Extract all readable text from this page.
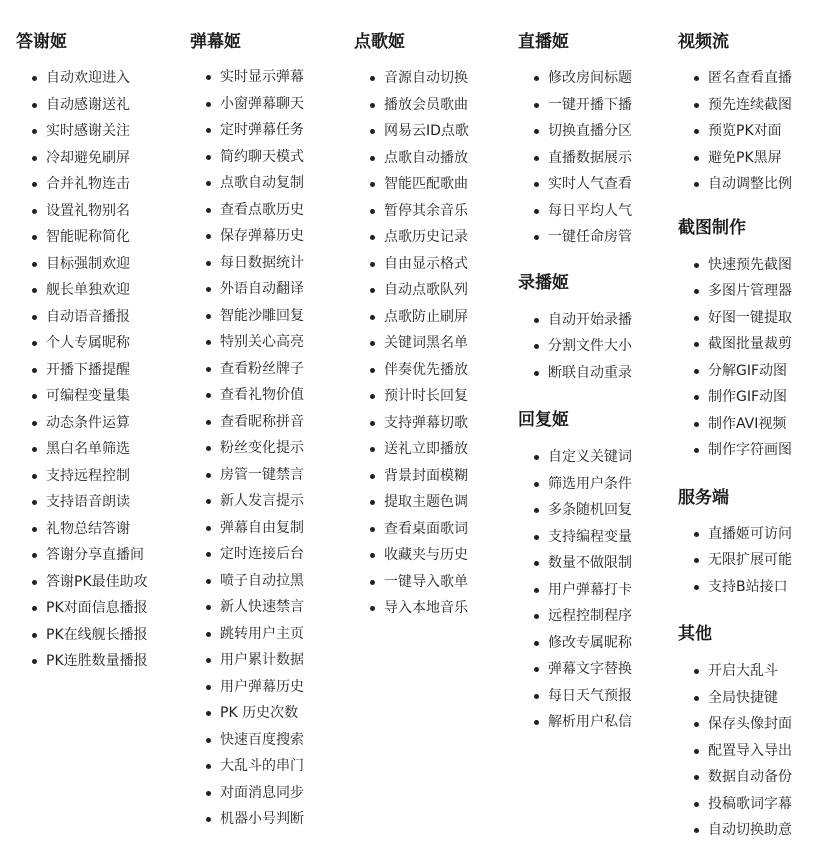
答谢姬
自动欢迎进入
自动感谢送礼
实时感谢关注
冷却避免刷屏
合并礼物连击
设置礼物别名
智能昵称简化
目标强制欢迎
舰长单独欢迎
自动语音播报
个人专属昵称
开播下播提醒
可编程变量集
动态条件运算
黑白名单筛选
支持远程控制
支持语音朗读
礼物总结答谢
答谢分享直播间
答谢PK最佳助攻
PK对面信息播报
PK在线舰长播报
PK连胜数量播报
弹幕姬
实时显示弹幕
小窗弹幕聊天
定时弹幕任务
简约聊天模式
点歌自动复制
查看点歌历史
保存弹幕历史
每日数据统计
外语自动翻译
智能沙雕回复
特别关心高亮
查看粉丝牌子
查看礼物价值
查看昵称拼音
粉丝变化提示
房管一键禁言
新人发言提示
弹幕自由复制
定时连接后台
喷子自动拉黑
新人快速禁言
跳转用户主页
用户累计数据
用户弹幕历史
PK 历史次数
快速百度搜索
大乱斗的串门
对面消息同步
机器小号判断
点歌姬
音源自动切换
播放会员歌曲
网易云ID点歌
点歌自动播放
智能匹配歌曲
暂停其余音乐
点歌历史记录
自由显示格式
自动点歌队列
点歌防止刷屏
关键词黑名单
伴奏优先播放
预计时长回复
支持弹幕切歌
送礼立即播放
背景封面模糊
提取主题色调
查看桌面歌词
收藏夹与历史
一键导入歌单
导入本地音乐
直播姬
修改房间标题
一键开播下播
切换直播分区
直播数据展示
实时人气查看
每日平均人气
一键任命房管
录播姬
自动开始录播
分割文件大小
断联自动重录
回复姬
自定义关键词
筛选用户条件
多条随机回复
支持编程变量
数量不做限制
用户弹幕打卡
远程控制程序
修改专属昵称
弹幕文字替换
每日天气预报
解析用户私信
视频流
匿名查看直播
预先连续截图
预览PK对面
避免PK黑屏
自动调整比例
截图制作
快速预先截图
多图片管理器
好图一键提取
截图批量裁剪
分解GIF动图
制作GIF动图
制作AVI视频
制作字符画图
服务端
直播姬可访问
无限扩展可能
支持B站接口
其他
开启大乱斗
全局快捷键
保存头像封面
配置导入导出
数据自动备份
投稿歌词字幕
自动切换助意
